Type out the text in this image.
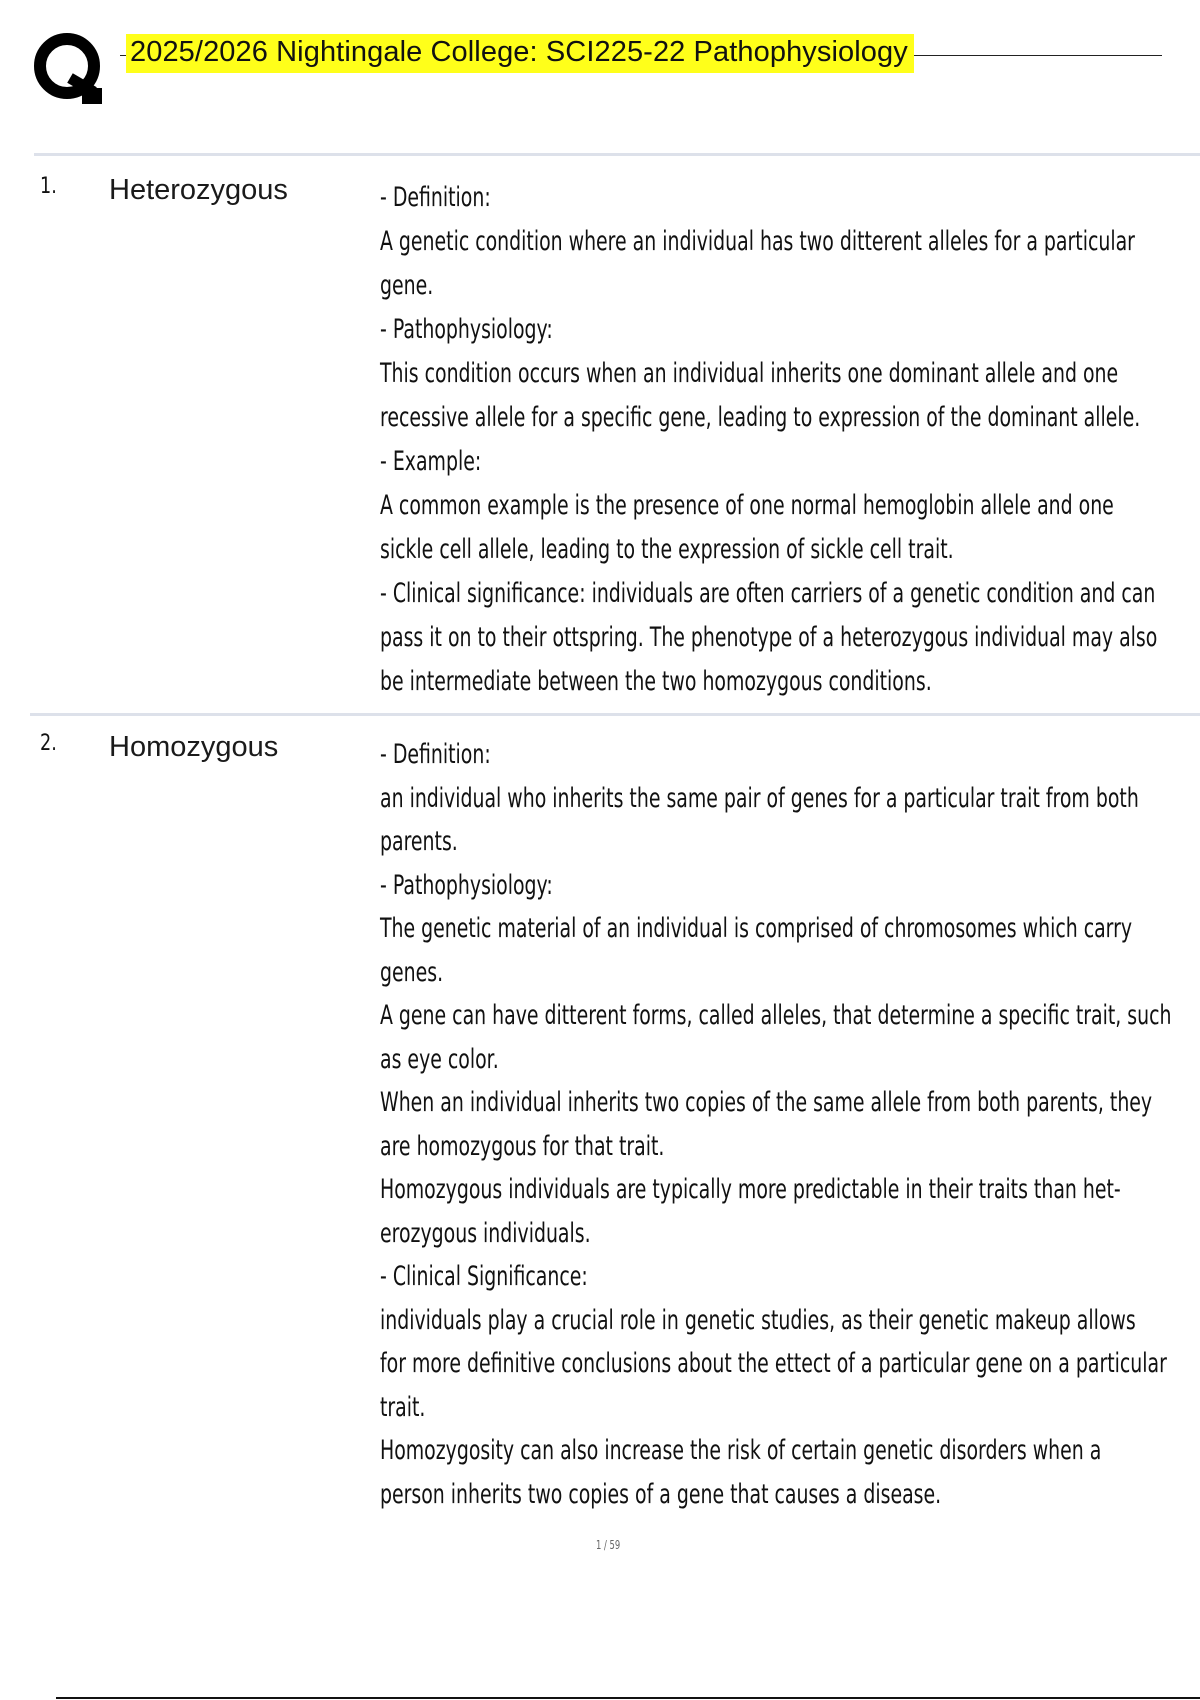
2025/2026 Nightingale College: SCI225-22 Pathophysiology
1. Heterozygous	- Definition:
A genetic condition where an individual has two ditterent alleles for a particular
gene.
- Pathophysiology:
This condition occurs when an individual inherits one dominant allele and one
recessive allele for a specific gene, leading to expression of the dominant allele.
- Example:
A common example is the presence of one normal hemoglobin allele and one
sickle cell allele, leading to the expression of sickle cell trait.
- Clinical significance: individuals are often carriers of a genetic condition and can
pass it on to their ottspring. The phenotype of a heterozygous individual may also
be intermediate between the two homozygous conditions.
2. Homozygous	- Definition:
an individual who inherits the same pair of genes for a particular trait from both
parents.
- Pathophysiology:
The genetic material of an individual is comprised of chromosomes which carry
genes.
A gene can have ditterent forms, called alleles, that determine a specific trait, such
as eye color.
When an individual inherits two copies of the same allele from both parents, they
are homozygous for that trait.
Homozygous individuals are typically more predictable in their traits than het-
erozygous individuals.
- Clinical Significance:
individuals play a crucial role in genetic studies, as their genetic makeup allows
for more definitive conclusions about the ettect of a particular gene on a particular
trait.
Homozygosity can also increase the risk of certain genetic disorders when a
person inherits two copies of a gene that causes a disease.
1 / 59
